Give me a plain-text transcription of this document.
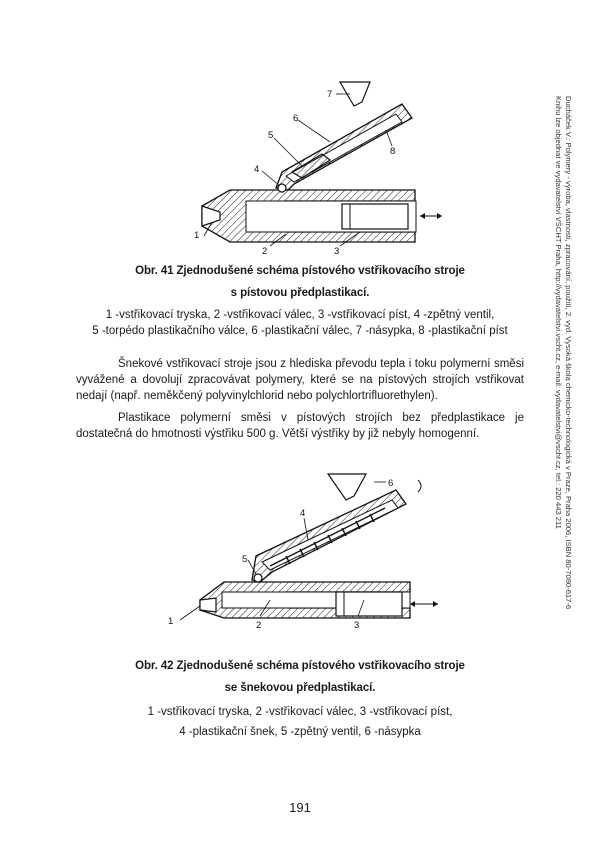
1
2	3
4
5
6
7
8
Obr. 41 Zjednodušené schéma pístového vstřikovacího stroje
s pístovou předplastikací.
1 -vstřikovací tryska, 2 -vstřikovací válec, 3 -vstřikovací píst, 4 -zpětný ventil,
5 -torpédo plastikačního válce, 6 -plastikační válec, 7 -násypka, 8 -plastikační píst
Šnekové vstřikovací stroje jsou z hlediska převodu tepla i toku polymerní směsi vyvážené a dovolují zpracovávat polymery, které se na pístových strojích vstřikovat nedají (např. neměkčený polyvinylchlorid nebo polychlortrifluorethylen).
Plastikace polymerní směsi v pístových strojích bez předplastikace je dostatečná do hmotnosti výstřiku 500 g. Větší výstřiky by již nebyly homogenní.
1	2	3
4
5
6
Obr. 42 Zjednodušené schéma pístového vstřikovacího stroje
se šnekovou předplastikací.
1 -vstřikovací tryska, 2 -vstřikovací válec, 3 -vstřikovací píst,
4 -plastikační šnek, 5 -zpětný ventil, 6 -násypka
191
Ducháček V.: Polymery - výroba, vlastnosti, zpracování, použití, 2. vyd. Vysoká škola chemicko-technologická v Praze, Praha 2006, ISBN 80-7080-617-6
Knihu lze objednat ve vydavatelství VŠCHT Praha, http://vydavatelstvi.vscht.cz, e-mail: vydavatelstvi@vscht.cz, tel.: 220 443 211
